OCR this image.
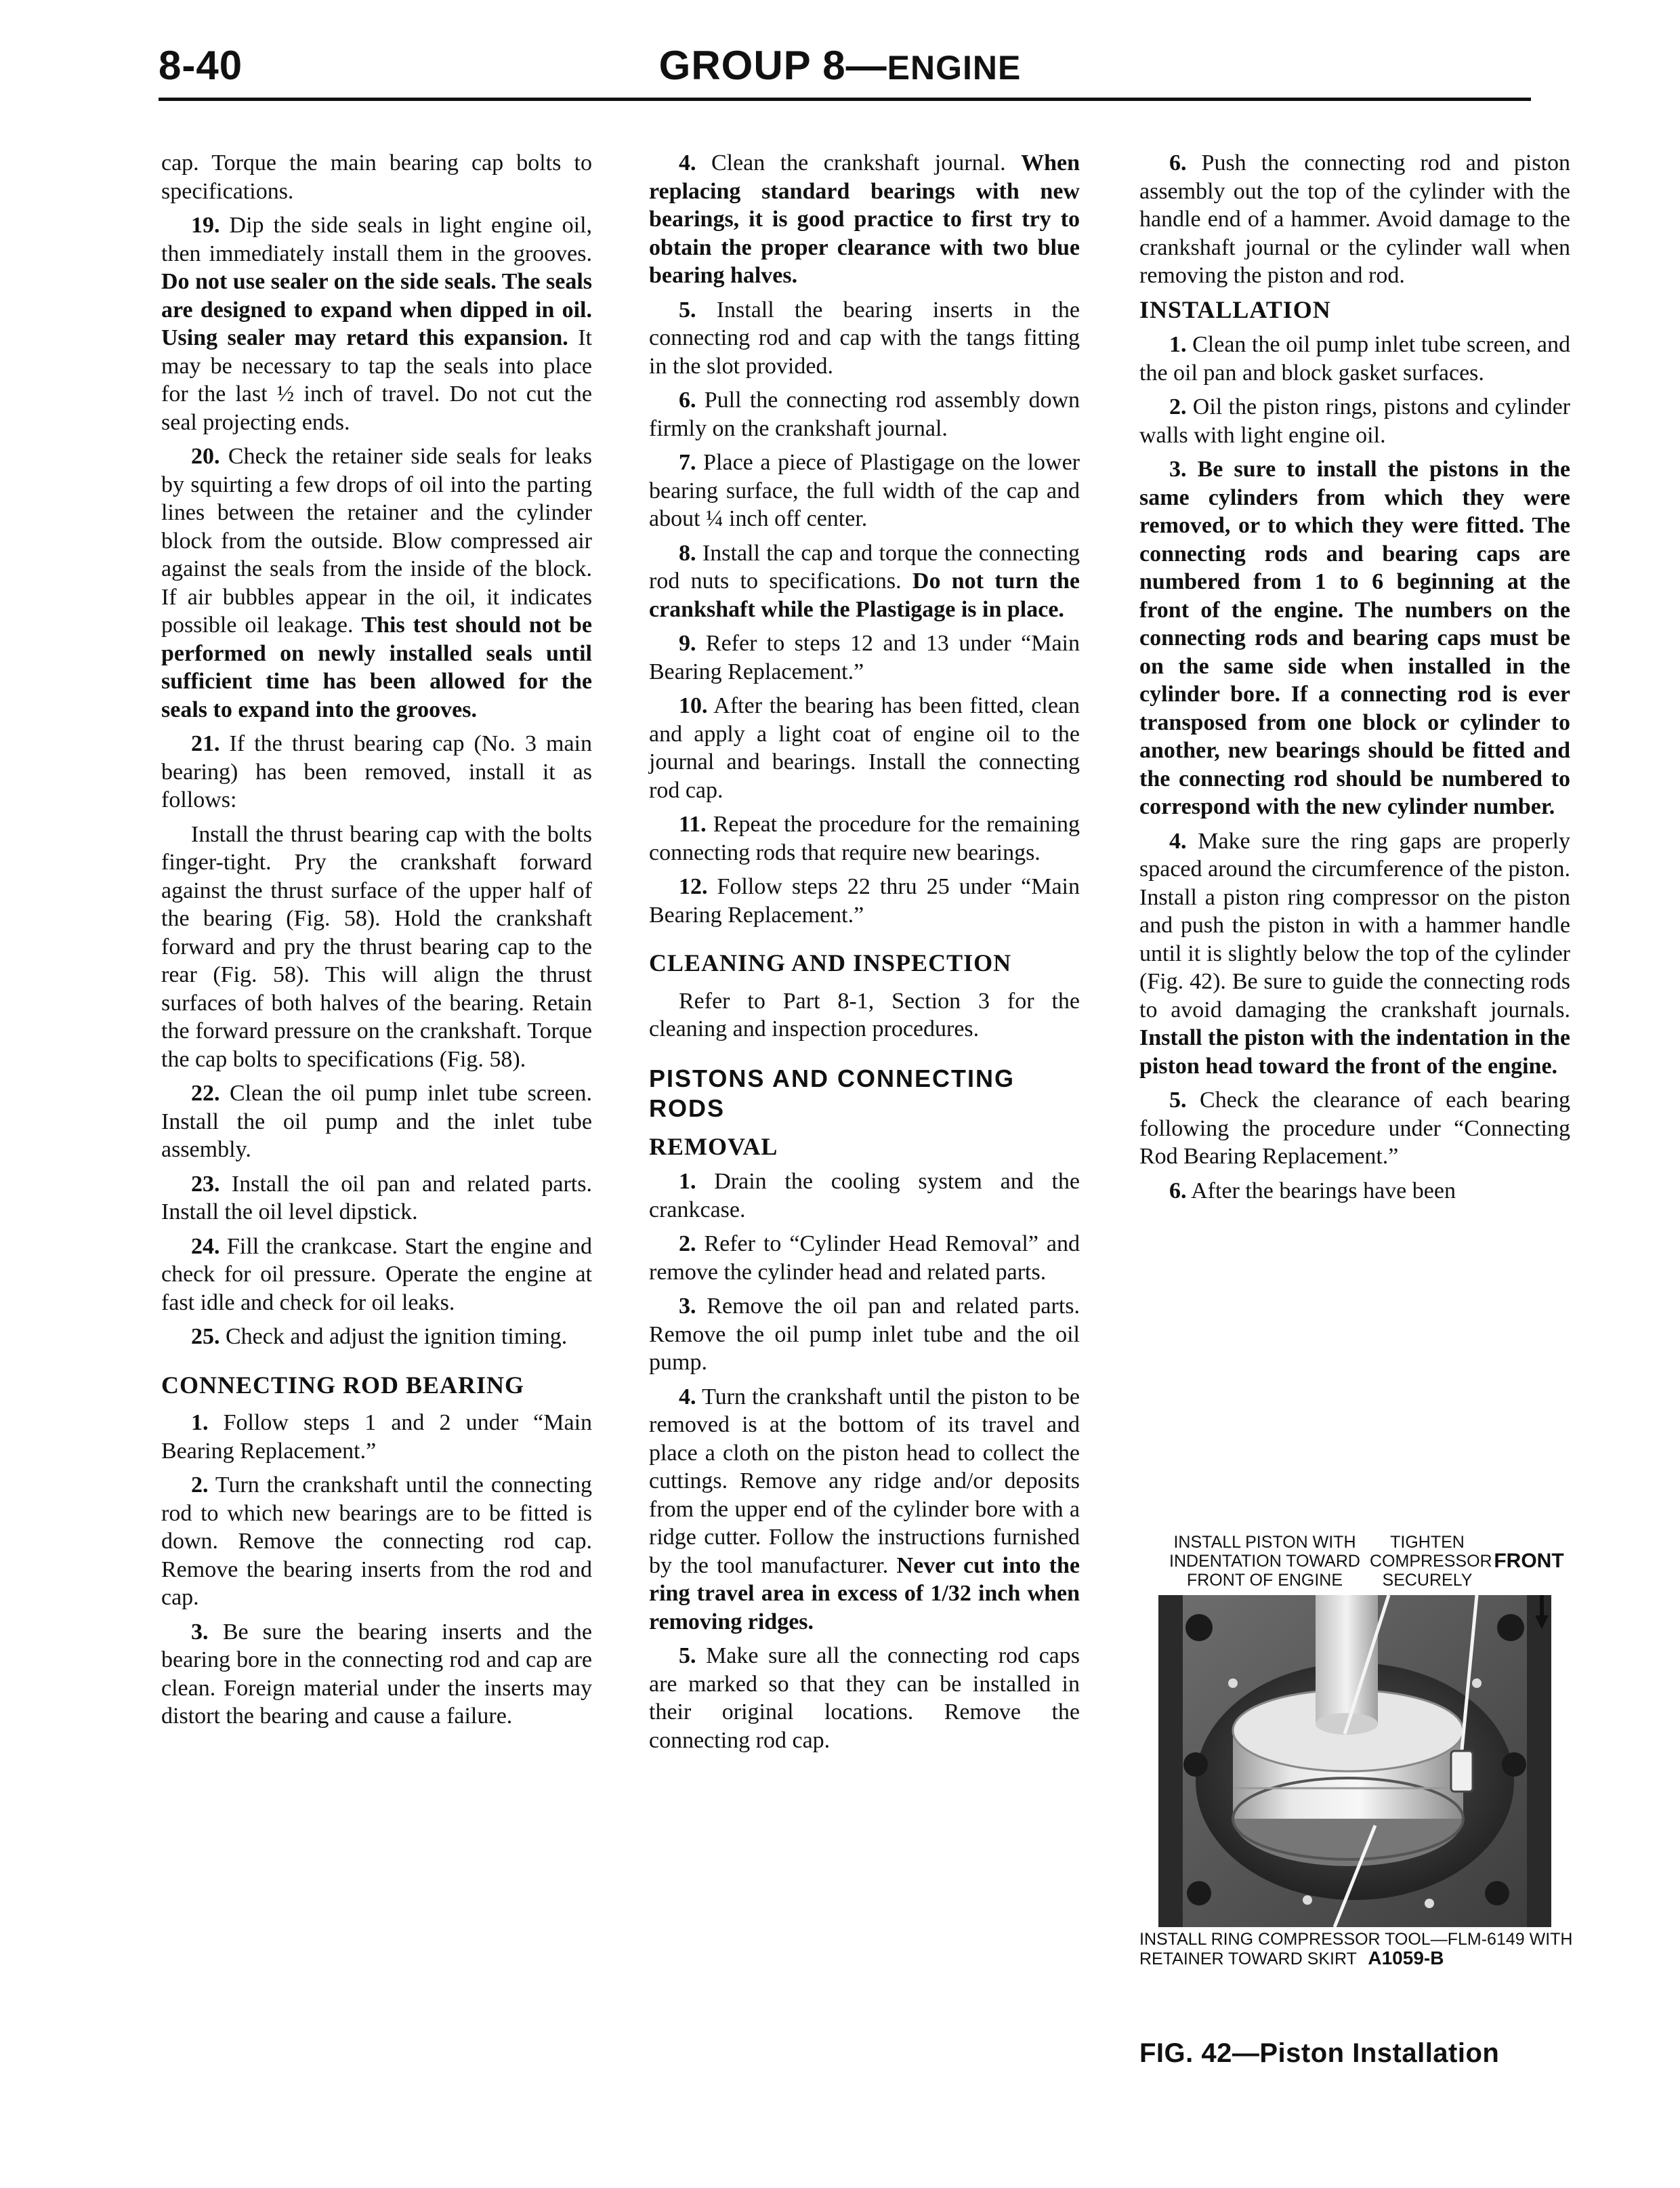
8-40	GROUP 8—ENGINE

cap. Torque the main bearing cap bolts to specifications.

19. Dip the side seals in light engine oil, then immediately install them in the grooves. Do not use sealer on the side seals. The seals are designed to expand when dipped in oil. Using sealer may retard this expansion. It may be necessary to tap the seals into place for the last ½ inch of travel. Do not cut the seal projecting ends.

20. Check the retainer side seals for leaks by squirting a few drops of oil into the parting lines between the retainer and the cylinder block from the outside. Blow compressed air against the seals from the inside of the block. If air bubbles appear in the oil, it indicates possible oil leakage. This test should not be performed on newly installed seals until sufficient time has been allowed for the seals to expand into the grooves.

21. If the thrust bearing cap (No. 3 main bearing) has been removed, install it as follows:

Install the thrust bearing cap with the bolts finger-tight. Pry the crankshaft forward against the thrust surface of the upper half of the bearing (Fig. 58). Hold the crankshaft forward and pry the thrust bearing cap to the rear (Fig. 58). This will align the thrust surfaces of both halves of the bearing. Retain the forward pressure on the crankshaft. Torque the cap bolts to specifications (Fig. 58).

22. Clean the oil pump inlet tube screen. Install the oil pump and the inlet tube assembly.

23. Install the oil pan and related parts. Install the oil level dipstick.

24. Fill the crankcase. Start the engine and check for oil pressure. Operate the engine at fast idle and check for oil leaks.

25. Check and adjust the ignition timing.

CONNECTING ROD BEARING

1. Follow steps 1 and 2 under “Main Bearing Replacement.”

2. Turn the crankshaft until the connecting rod to which new bearings are to be fitted is down. Remove the connecting rod cap. Remove the bearing inserts from the rod and cap.

3. Be sure the bearing inserts and the bearing bore in the connecting rod and cap are clean. Foreign material under the inserts may distort the bearing and cause a failure.

4. Clean the crankshaft journal. When replacing standard bearings with new bearings, it is good practice to first try to obtain the proper clearance with two blue bearing halves.

5. Install the bearing inserts in the connecting rod and cap with the tangs fitting in the slot provided.

6. Pull the connecting rod assembly down firmly on the crankshaft journal.

7. Place a piece of Plastigage on the lower bearing surface, the full width of the cap and about ¼ inch off center.

8. Install the cap and torque the connecting rod nuts to specifications. Do not turn the crankshaft while the Plastigage is in place.

9. Refer to steps 12 and 13 under “Main Bearing Replacement.”

10. After the bearing has been fitted, clean and apply a light coat of engine oil to the journal and bearings. Install the connecting rod cap.

11. Repeat the procedure for the remaining connecting rods that require new bearings.

12. Follow steps 22 thru 25 under “Main Bearing Replacement.”

CLEANING AND INSPECTION

Refer to Part 8-1, Section 3 for the cleaning and inspection procedures.

PISTONS AND CONNECTING RODS
REMOVAL

1. Drain the cooling system and the crankcase.

2. Refer to “Cylinder Head Removal” and remove the cylinder head and related parts.

3. Remove the oil pan and related parts. Remove the oil pump inlet tube and the oil pump.

4. Turn the crankshaft until the piston to be removed is at the bottom of its travel and place a cloth on the piston head to collect the cuttings. Remove any ridge and/or deposits from the upper end of the cylinder bore with a ridge cutter. Follow the instructions furnished by the tool manufacturer. Never cut into the ring travel area in excess of 1/32 inch when removing ridges.

5. Make sure all the connecting rod caps are marked so that they can be installed in their original locations. Remove the connecting rod cap.

6. Push the connecting rod and piston assembly out the top of the cylinder with the handle end of a hammer. Avoid damage to the crankshaft journal or the cylinder wall when removing the piston and rod.

INSTALLATION

1. Clean the oil pump inlet tube screen, and the oil pan and block gasket surfaces.

2. Oil the piston rings, pistons and cylinder walls with light engine oil.

3. Be sure to install the pistons in the same cylinders from which they were removed, or to which they were fitted. The connecting rods and bearing caps are numbered from 1 to 6 beginning at the front of the engine. The numbers on the connecting rods and bearing caps must be on the same side when installed in the cylinder bore. If a connecting rod is ever transposed from one block or cylinder to another, new bearings should be fitted and the connecting rod should be numbered to correspond with the new cylinder number.

4. Make sure the ring gaps are properly spaced around the circumference of the piston. Install a piston ring compressor on the piston and push the piston in with a hammer handle until it is slightly below the top of the cylinder (Fig. 42). Be sure to guide the connecting rods to avoid damaging the crankshaft journals. Install the piston with the indentation in the piston head toward the front of the engine.

5. Check the clearance of each bearing following the procedure under “Connecting Rod Bearing Replacement.”

6. After the bearings have been

INSTALL PISTON WITH INDENTATION TOWARD FRONT OF ENGINE
TIGHTEN COMPRESSOR SECURELY
FRONT
INSTALL RING COMPRESSOR TOOL—FLM-6149 WITH RETAINER TOWARD SKIRT A1059-B
FIG. 42—Piston Installation
